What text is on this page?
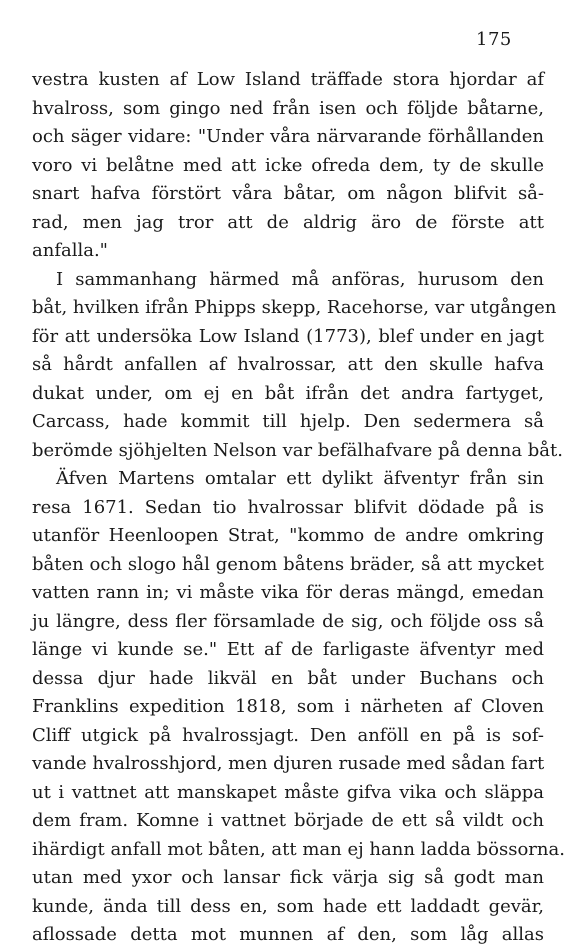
175
vestra kusten af Low Island träffade stora hjordar af
hvalross, som gingo ned från isen och följde båtarne,
och säger vidare: "Under våra närvarande förhållanden
voro vi belåtne med att icke ofreda dem, ty de skulle
snart hafva förstört våra båtar, om någon blifvit så-
rad, men jag tror att de aldrig äro de förste att
anfalla."
I sammanhang härmed må anföras, hurusom den
båt, hvilken ifrån Phipps skepp, Racehorse, var utgången
för att undersöka Low Island (1773), blef under en jagt
så hårdt anfallen af hvalrossar, att den skulle hafva
dukat under, om ej en båt ifrån det andra fartyget,
Carcass, hade kommit till hjelp. Den sedermera så
berömde sjöhjelten Nelson var befälhafvare på denna båt.
Äfven Martens omtalar ett dylikt äfventyr från sin
resa 1671. Sedan tio hvalrossar blifvit dödade på is
utanför Heenloopen Strat, "kommo de andre omkring
båten och slogo hål genom båtens bräder, så att mycket
vatten rann in; vi måste vika för deras mängd, emedan
ju längre, dess fler församlade de sig, och följde oss så
länge vi kunde se." Ett af de farligaste äfventyr med
dessa djur hade likväl en båt under Buchans och
Franklins expedition 1818, som i närheten af Cloven
Cliff utgick på hvalrossjagt. Den anföll en på is sof-
vande hvalrosshjord, men djuren rusade med sådan fart
ut i vattnet att manskapet måste gifva vika och släppa
dem fram. Komne i vattnet började de ett så vildt och
ihärdigt anfall mot båten, att man ej hann ladda bössorna.
utan med yxor och lansar fick värja sig så godt man
kunde, ända till dess en, som hade ett laddadt gevär,
aflossade detta mot munnen af den, som låg allas
